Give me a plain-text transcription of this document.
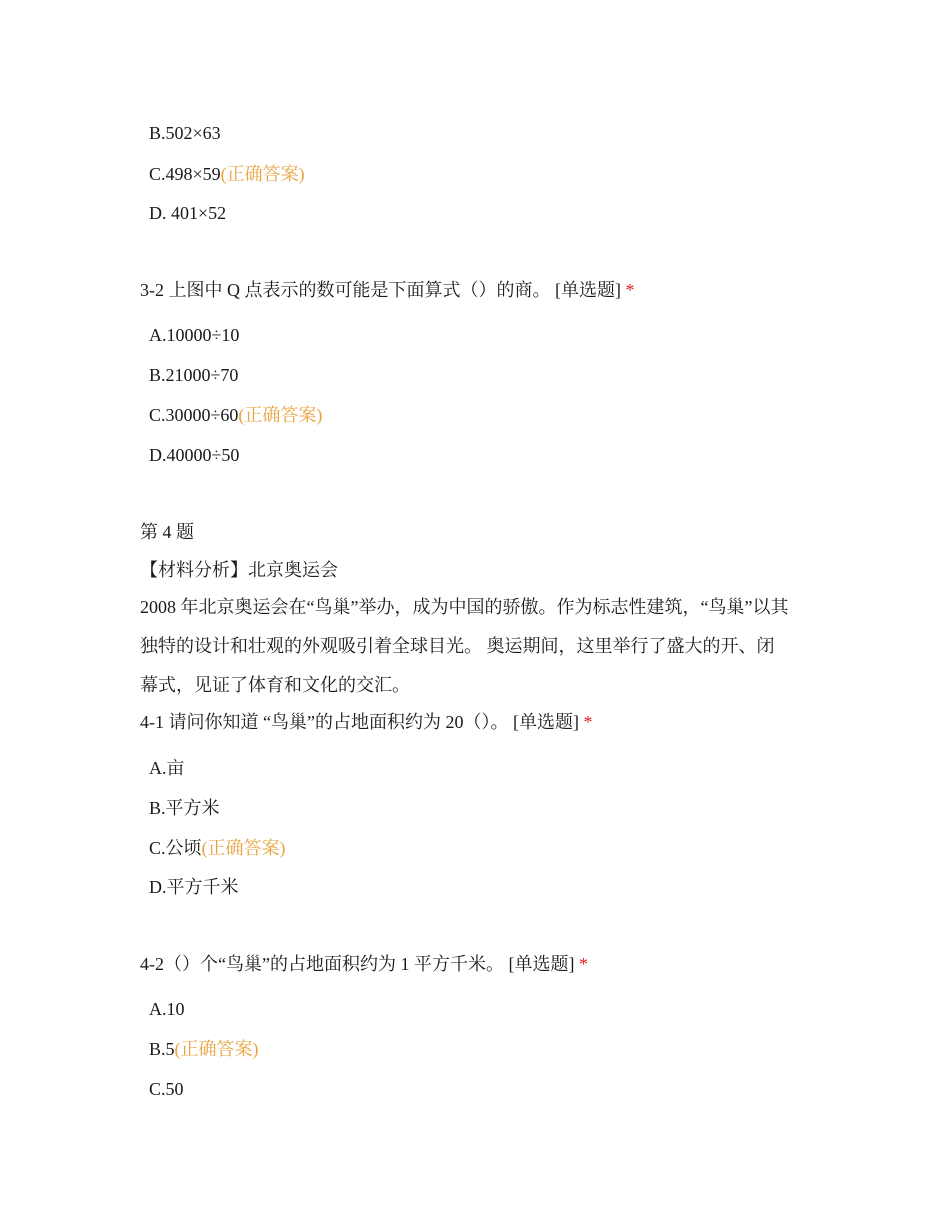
B.502×63
C.498×59(正确答案)
D. 401×52
3-2 上图中 Q 点表示的数可能是下面算式（）的商。 [单选题] *
A.10000÷10
B.21000÷70
C.30000÷60(正确答案)
D.40000÷50
第 4 题
【材料分析】北京奥运会
2008 年北京奥运会在“鸟巢”举办，成为中国的骄傲。作为标志性建筑，“鸟巢”以其
独特的设计和壮观的外观吸引着全球目光。 奥运期间，这里举行了盛大的开、闭
幕式，见证了体育和文化的交汇。
4-1 请问你知道 “鸟巢”的占地面积约为 20（）。 [单选题] *
A.亩
B.平方米
C.公顷(正确答案)
D.平方千米
4-2（）个“鸟巢”的占地面积约为 1 平方千米。 [单选题] *
A.10
B.5(正确答案)
C.50
